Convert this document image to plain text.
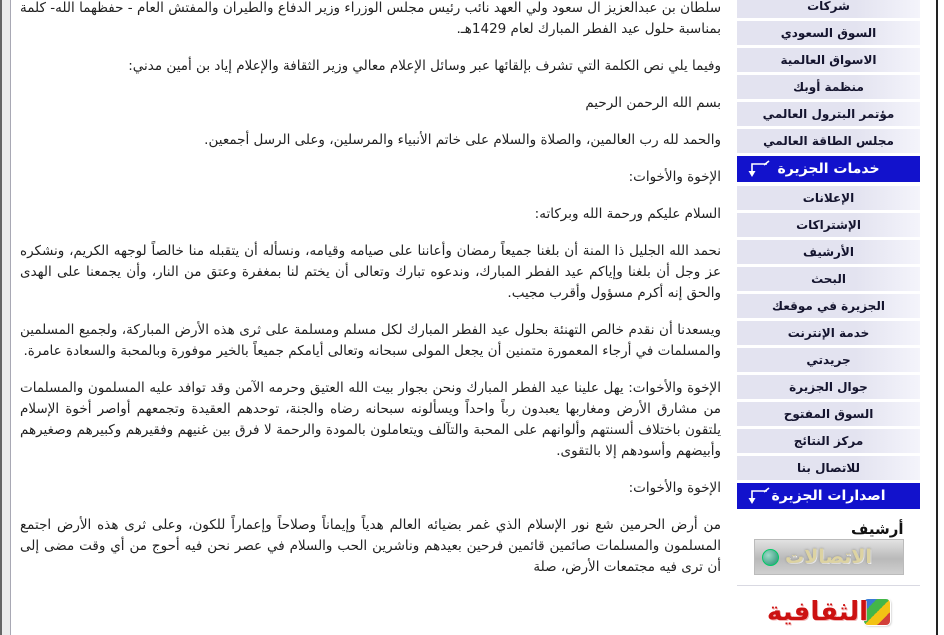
سلطان بن عبدالعزيز ال سعود ولي العهد نائب رئيس مجلس الوزراء وزير الدفاع والطيران والمفتش العام - حفظهما الله- كلمة بمناسبة حلول عيد الفطر المبارك لعام 1429هـ.
وفيما يلي نص الكلمة التي تشرف بإلقائها عبر وسائل الإعلام معالي وزير الثقافة والإعلام إياد بن أمين مدني:
بسم الله الرحمن الرحيم
والحمد لله رب العالمين، والصلاة والسلام على خاتم الأنبياء والمرسلين، وعلى الرسل أجمعين.
الإخوة والأخوات:
السلام عليكم ورحمة الله وبركاته:
نحمد الله الجليل ذا المنة أن بلغنا جميعاً رمضان وأعاننا على صيامه وقيامه، ونسأله أن يتقبله منا خالصاً لوجهه الكريم، ونشكره عز وجل أن بلغنا وإياكم عيد الفطر المبارك، وندعوه تبارك وتعالى أن يختم لنا بمغفرة وعتق من النار، وأن يجمعنا على الهدى والحق إنه أكرم مسؤول وأقرب مجيب.
ويسعدنا أن نقدم خالص التهنئة بحلول عيد الفطر المبارك لكل مسلم ومسلمة على ثرى هذه الأرض المباركة، ولجميع المسلمين والمسلمات في أرجاء المعمورة متمنين أن يجعل المولى سبحانه وتعالى أيامكم جميعاً بالخير موفورة وبالمحبة والسعادة عامرة.
الإخوة والأخوات: يهل علينا عيد الفطر المبارك ونحن بجوار بيت الله العتيق وحرمه الآمن وقد توافد عليه المسلمون والمسلمات من مشارق الأرض ومغاربها يعبدون رباً واحداً ويسألونه سبحانه رضاه والجنة، توحدهم العقيدة وتجمعهم أواصر أخوة الإسلام يلتقون باختلاف ألسنتهم وألوانهم على المحبة والتآلف ويتعاملون بالمودة والرحمة لا فرق بين غنيهم وفقيرهم وكبيرهم وصغيرهم وأبيضهم وأسودهم إلا بالتقوى.
الإخوة والأخوات:
من أرض الحرمين شع نور الإسلام الذي غمر بضيائه العالم هدياً وإيماناً وصلاحاً وإعماراً للكون، وعلى ثرى هذه الأرض اجتمع المسلمون والمسلمات صائمين قائمين فرحين بعيدهم وناشرين الحب والسلام في عصر نحن فيه أحوج من أي وقت مضى إلى أن ترى فيه مجتمعات الأرض، صلة
شركات
السوق السعودي
الاسواق العالمية
منظمة أوبك
مؤتمر البترول العالمي
مجلس الطاقة العالمي
خدمات الجزيرة
الإعلانات
الإشتراكات
الأرشيف
البحث
الجزيرة في موقعك
خدمة الإنترنت
جريدتي
جوال الجزيرة
السوق المفتوح
مركز النتائج
للاتصال بنا
اصدارات الجزيرة
أرشيف
الاتصالات
الثقافية
